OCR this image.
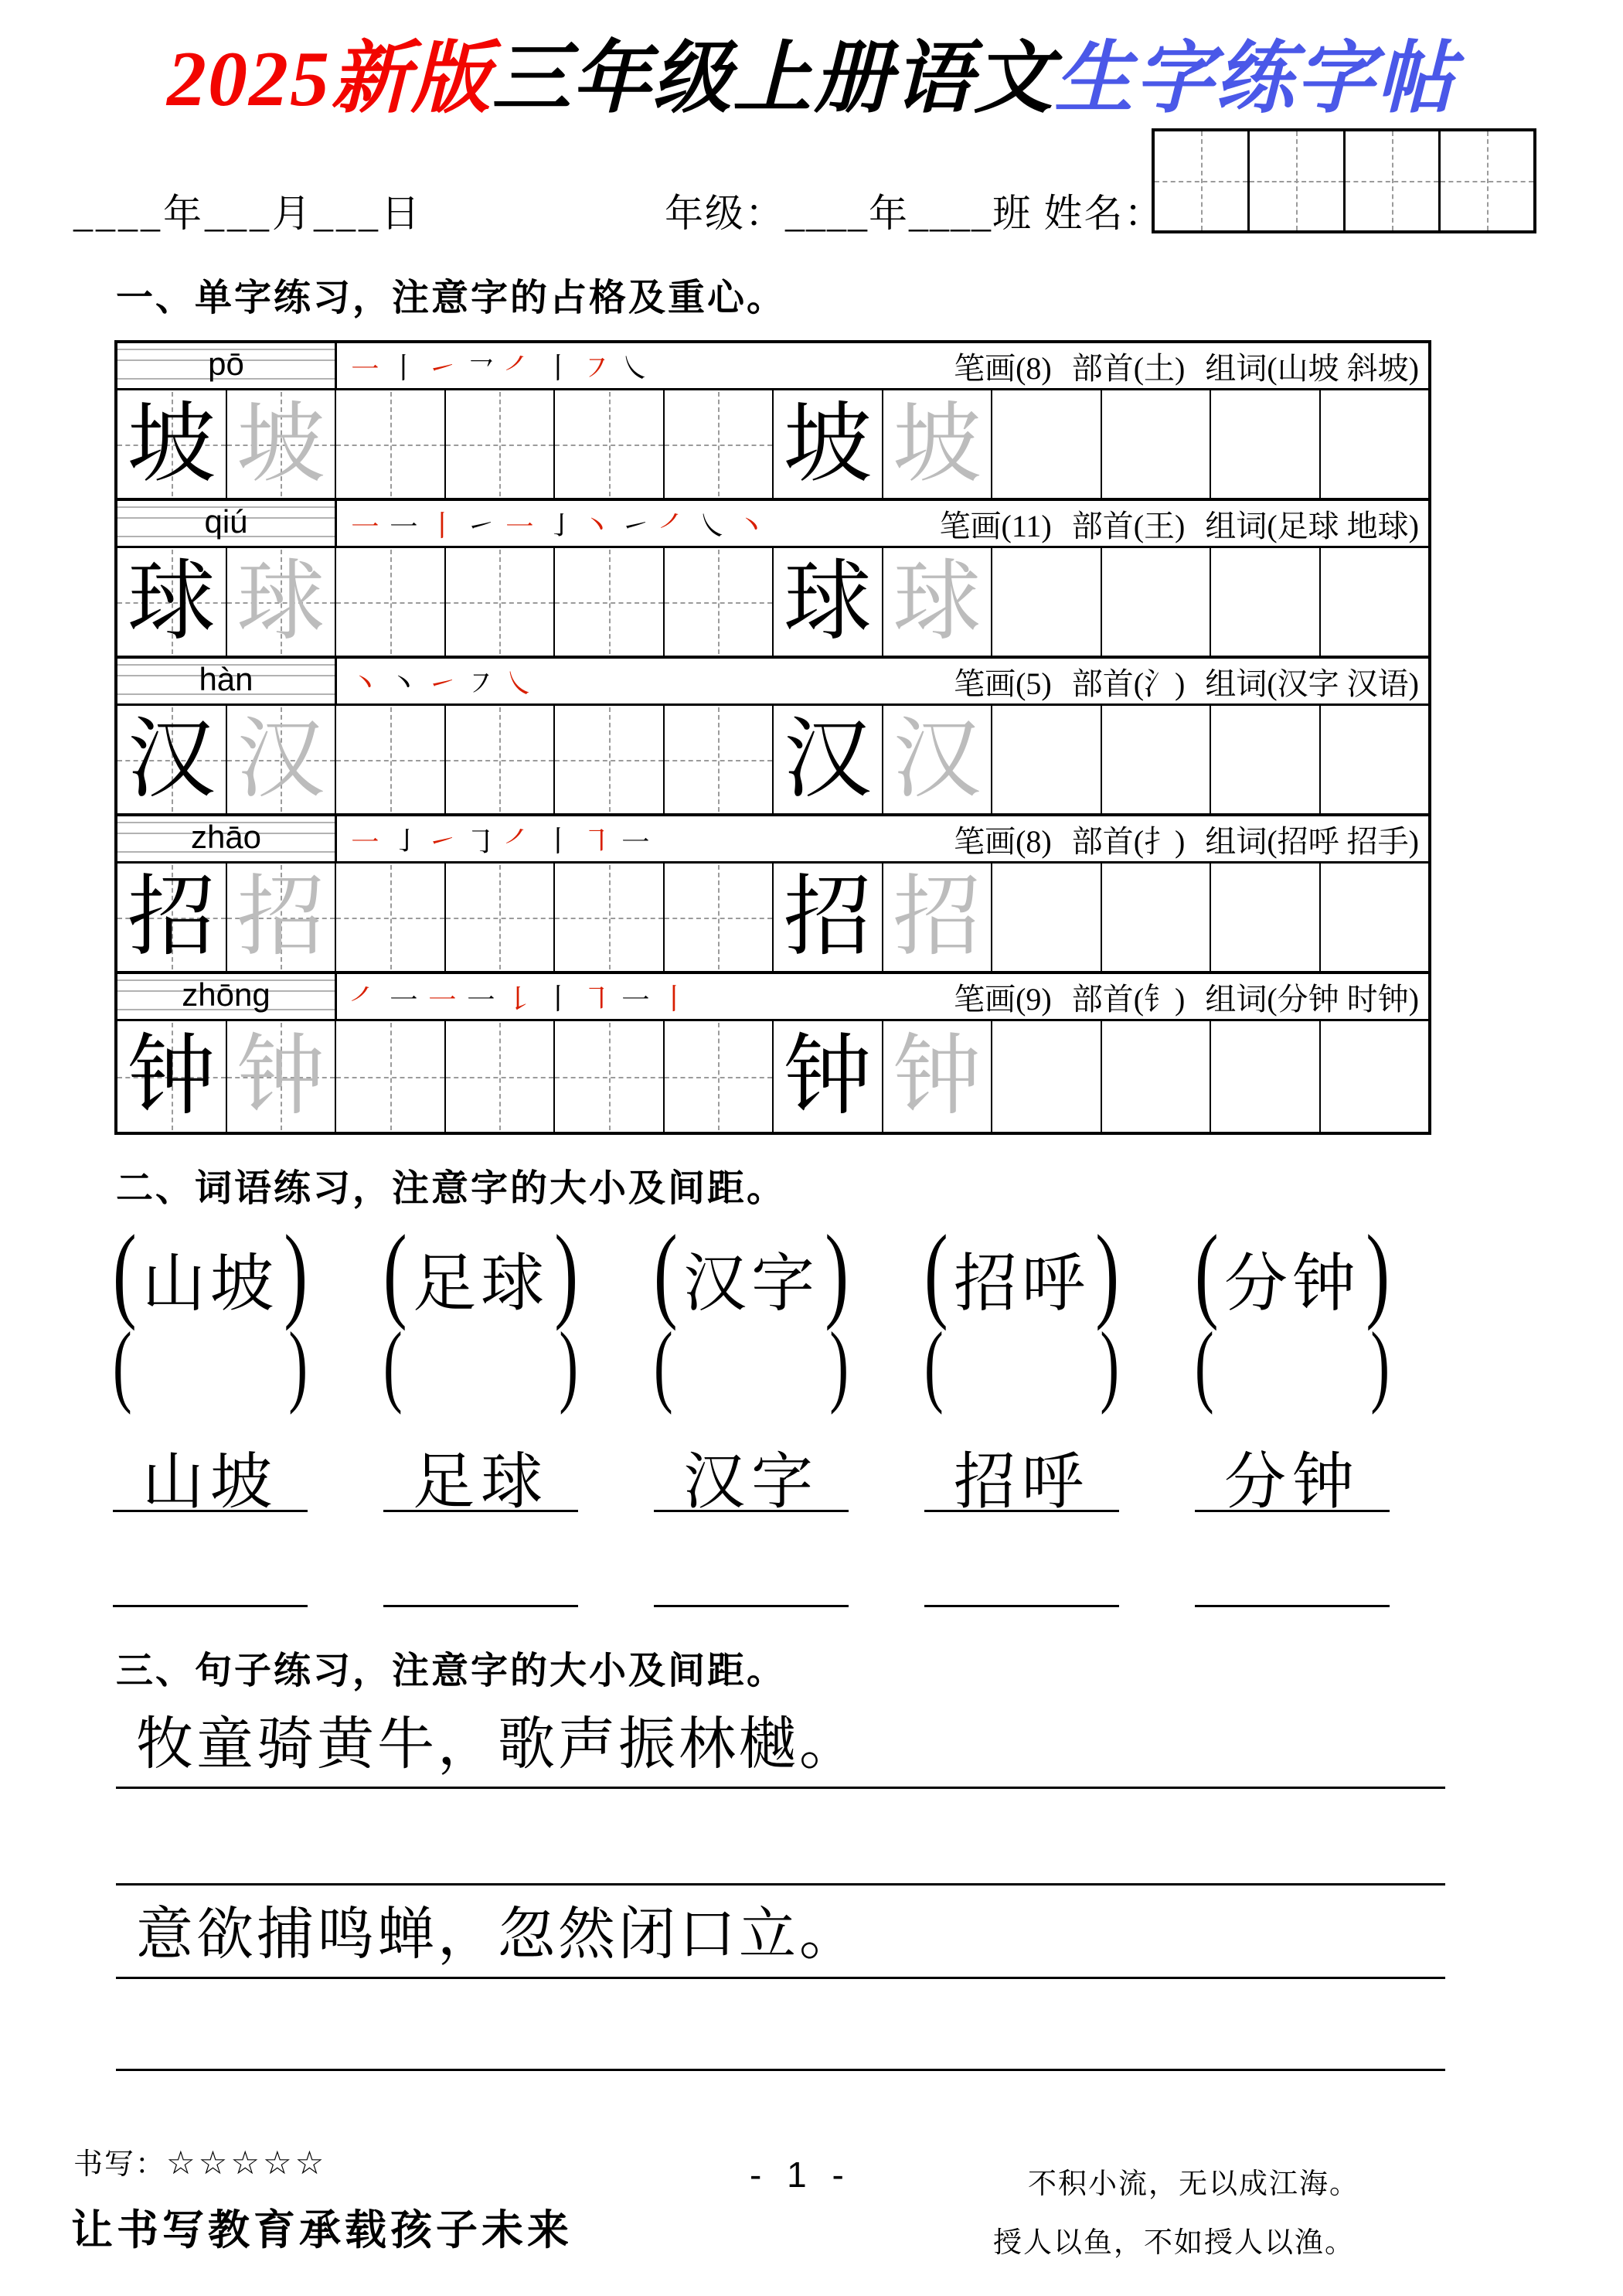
2025新版三年级上册语文生字练字帖
____年___月___日	年级：____年____班 姓名：
一、单字练习，注意字的占格及重心。
pō	㇐ ㇑ ㇀ ㇖ ㇒ ㇑ ㇇ ㇏	笔画(8) 部首(土) 组词(山坡 斜坡)
坡 坡	坡 坡
qiú	㇐ ㇐ ㇑ ㇀ ㇐ ㇚ 丶 ㇀ ㇒ ㇏ 丶	笔画(11) 部首(王) 组词(足球 地球)
球 球	球 球
hàn	丶 丶 ㇀ ㇇ ㇏	笔画(5) 部首(氵) 组词(汉字 汉语)
汉 汉	汉 汉
zhāo	㇐ ㇚ ㇀ ㇆ ㇒ ㇑ ㇕ ㇐	笔画(8) 部首(扌) 组词(招呼 招手)
招 招	招 招
zhōng	㇒ ㇐ ㇐ ㇐ ㇙ ㇑ ㇕ ㇐ ㇑	笔画(9) 部首(钅) 组词(分钟 时钟)
钟 钟	钟 钟
二、词语练习，注意字的大小及间距。
( 山坡 ) ( 足球 ) ( 汉字 ) ( 招呼 ) ( 分钟 )
(	) (	) (	) (	) (	)
山坡	足球	汉字	招呼	分钟
三、句子练习，注意字的大小及间距。
牧童骑黄牛，歌声振林樾。
意欲捕鸣蝉，忽然闭口立。
书写：☆☆☆☆☆	- 1 -	不积小流，无以成江海。
授人以鱼，不如授人以渔。
让书写教育承载孩子未来
